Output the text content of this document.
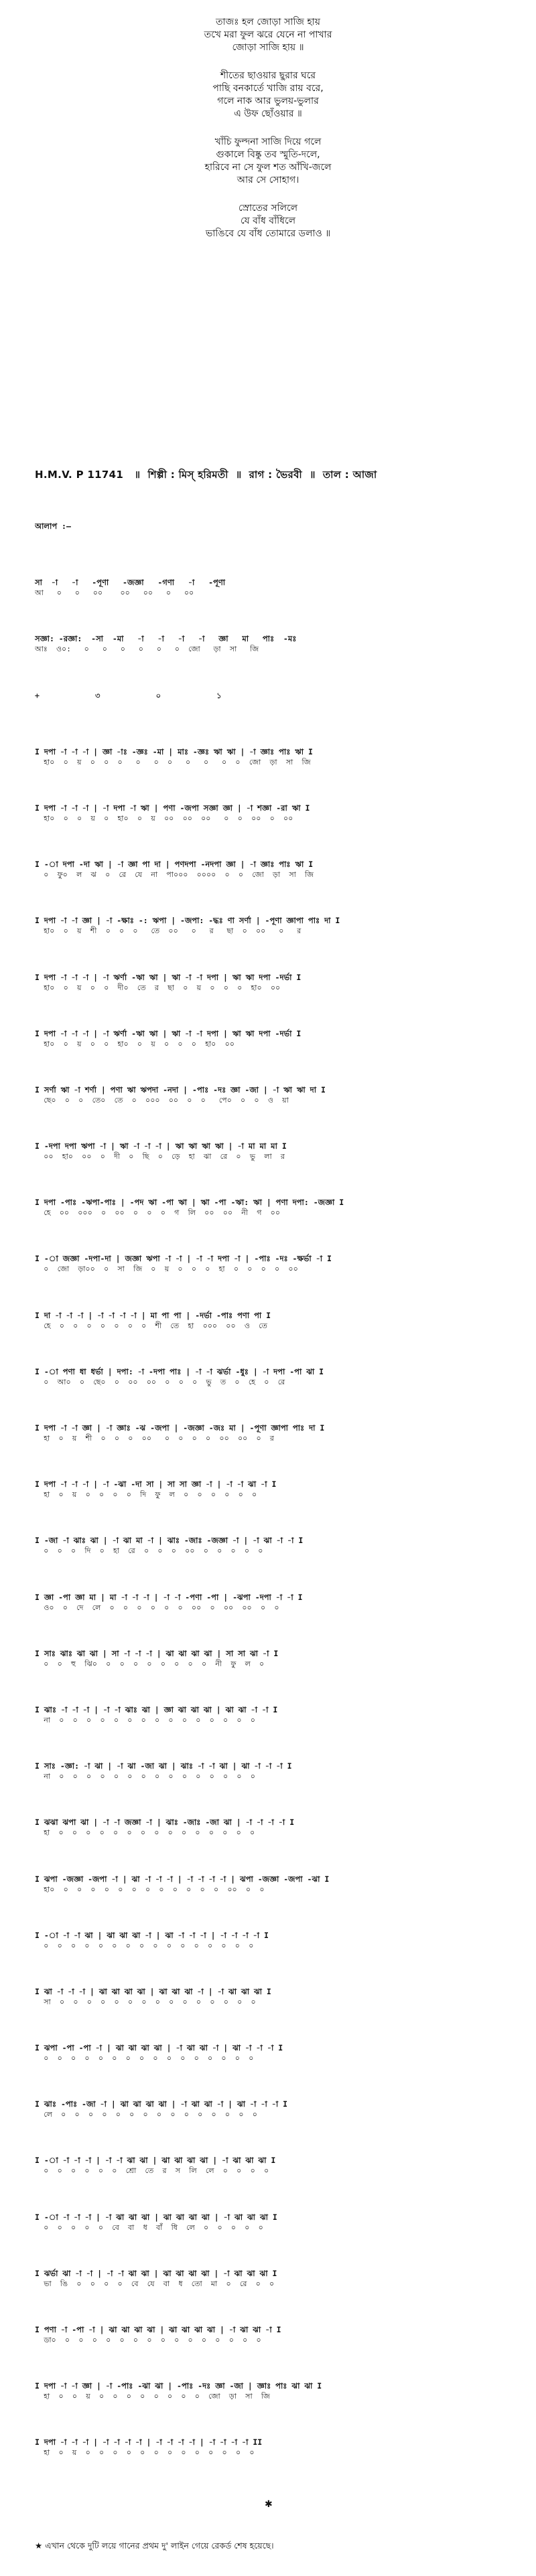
তাজঃ হল জোড়া সাজি হায়
তখে মরা ফুল ঝরে যেনে না পাখার
জোড়া সাজি হায় ॥
শীতের ছাওয়ার ছুরার ঘরে
পাছি বনকার্তে খাজি রায় বরে,
গলে নাক আর ভুলয়-ভুলার
এ উফ ছোঁওয়ার ॥
খাঁচি ফুল্দনা সাজি দিয়ে গলে
গুকালে বিষ্কু তব স্মুতি-দলে,
হারিবে না সে ফুল শত আঁখি-জলে
আর সে সোহাগ।
স্রোতের সলিলে
যে বাঁধ বাঁধিলে
ভাঙিবে যে বাঁধ তোমারে ডলাও ॥
H.M.V. P 11741   ॥  শিল্পী : মিস্ হরিমতী  ॥  রাগ : ভৈরবী  ॥  তাল : আজা
আলাপ :—
সা  -া   -া   -পূণা   -জজ্ঞা   -গণা   -া   -পূণা
আ   ০   ০   ০০    ০০   ০০   ০   ০০
সজ্ঞা: -রজ্ঞা:  -সা  -মা   -া   -া   -া   -া   জ্ঞা   মা   পাঃ  -মঃ
আঃ  ও০:   ০   ০   ০   ০   ০   ০  জো   ড়া  সা   জি
+            ৩            ০            ১
I দপা -া -া -া | জ্ঞা -াঃ -জ্ঞঃ -মা | মাঃ -জ্ঞঃ ঋা ঋা | -া জ্ঞাঃ পাঃ ঋা I
হা০  ০  য়  ০  ০  ০   ০   ০  ০   ০   ০   ০  ০  জো  ড়া  সা  জি
I দপা -া -া -া | -া দপা -া ঋা | পণা -জপা সজ্ঞা জ্ঞা | -া শজ্ঞা -রা ঋা I
হা০  ০  ০  য়  ০  হা০  ০  য়  ০০  ০০  ০০   ০  ০  ০০  ০  ০০
I -া দপা -দা ঋা | -া জ্ঞা পা দা | পণদপা -নদপা জ্ঞা | -া জ্ঞাঃ পাঃ ঋা I
০  ফু০  ল  ঝ  ০  রে  যে  না  পা০০০  ০০০০  ০  ০  জো  ড়া  সা  জি
I দপা -া -া জ্ঞা | -া -ক্ষাঃ -: ঋপা | -জপা: -দ্ধঃ ণা সর্ণা | -পূণা জ্ঞাপা পাঃ দা I
হা০  ০  য়  শী  ০  ০  ০   তে  ০০   ০   র   ছা  ০  ০০   ০   র
I দপা -া -া -া | -া ঋর্ণা -ঋা ঋা | ঋা -া -া দপা | ঋা ঋা দপা -দর্ভা I
হা০  ০  য়  ০  ০  দী০  তে  র  ছা  ০  য়  ০  ০  ০  হা০  ০০
I দপা -া -া -া | -া ঋর্ণা -ঋা ঋা | ঋা -া -া দপা | ঋা ঋা দপা -দর্ভা I
হা০  ০  য়  ০  ০  হা০  ০  য়  ০  ০  ০  হা০  ০০
I সর্ণা ঋা -া শর্ণা | পণা ঋা ঋপদা -নদা | -পাঃ -দঃ জ্ঞা -জা | -া ঋা ঋা দা I
ছে০  ০  ০  তে০  তে  ০  ০০০  ০০  ০  ০   পে০  ০  ০  ও  য়া
I -দপা দপা ঋপা -া | ঋা -া -া -া | ঋা ঋা ঋা ঋা | -া মা মা মা I
০০  হা০  ০০  ০  দী  ০  ছি  ০  ড়ে  হা  ঝা  রে  ০  ভু  লা  র
I দপা -পাঃ -ঋপা-পাঃ | -পদ ঋা -পা ঋা | ঋা -পা -ঋা: ঋা | পণা দপা: -জজ্ঞা I
হে  ০০  ০০০  ০  ০০  ০  ০  ০  গ  লি  ০০  ০০  নী  গ  ০০
I -া জজ্ঞা -দপা-দা | জজ্ঞা ঋপা -া -া | -া -া দপা -া | -পাঃ -দঃ -ক্ষর্ভা -া I
০  জো  ড়া০০  ০  সা  জি  ০  য়  ০  ০  ০  হা  ০  ০  ০  ০  ০০
I দা -া -া -া | -া -া -া -া | মা পা পা | -দর্ভা -পাঃ পণা পা I
হে  ০  ০  ০  ০  ০  ০  ০  শী  তে  হা  ০০০  ০০  ও  তে
I -া পণা ধা ধর্ভা | দপা: -া -দপা পাঃ | -া -া ঝর্ভা -ধুঃ | -া দপা -পা ঝা I
০  আ০  ০  ছে০  ০  ০০  ০০  ০  ০  ০  ভু  ত  ০  হে  ০  রে
I দপা -া -া জ্ঞা | -া জ্ঞাঃ -ঝ -জপা | -জজ্ঞা -জঃ মা | -পূণা জ্ঞাপা পাঃ দা I
হা  ০  য়  শী  ০  ০  ০  ০০   ০  ০  ০  ০  ০০  ০০  ০  র
I দপা -া -া -া | -া -ঝা -দা সা | সা সা জ্ঞা -া | -া -া ঝা -া I
হা  ০  য়  ০  ০  ০  ০  দি  ফু  ল  ০  ০  ০  ০  ০  ০
I -জা -া ঝাঃ ঝা | -া ঝা মা -া | ঝাঃ -জাঃ -জজ্ঞা -া | -া ঝা -া -া I
০  ০  ০  দি  ০  হা  রে  ০  ০  ০  ০০  ০  ০  ০  ০  ০
I জ্ঞা -পা জ্ঞা মা | মা -া -া -া | -া -া -পণা -পা | -ঝপা -দপা -া -া I
ও০  ০  দে  লে  ০  ০  ০  ০  ০  ০  ০০  ০  ০০  ০০  ০  ০
I সাঃ ঝাঃ ঝা ঝা | সা -া -া -া | ঝা ঝা ঝা ঝা | সা সা ঝা -া I
০  ০  হু  ঝি০  ০  ০  ০  ০  ০  ০  ০  ০  নী  ফু  ল  ০
I ঝাঃ -া -া -া | -া -া ঝাঃ ঝা | জ্ঞা ঝা ঝা ঝা | ঝা ঝা -া -া I
না  ০  ০  ০  ০  ০  ০  ০  ০  ০  ০  ০  ০  ০  ০  ০
I সাঃ -জ্ঞা: -া ঝা | -া ঝা -জা ঝা | ঝাঃ -া -া ঝা | ঝা -া -া -া I
না  ০  ০  ০  ০  ০  ০  ০  ০  ০  ০  ০  ০  ০  ০  ০
I ঝঝা ঝপা ঝা | -া -া জজ্ঞা -া | ঝাঃ -জাঃ -জা ঝা | -া -া -া -া I
হা  ০  ০  ০  ০  ০  ০  ০  ০  ০  ০  ০  ০  ০  ০  ০
I ঝপা -জজ্ঞা -জপা -া | ঝা -া -া -া | -া -া -া -া | ঝপা -জজ্ঞা -জপা -ঝা I
হা০  ০  ০  ০  ০  ০  ০  ০  ০  ০  ০  ০  ০  ০০  ০  ০
I -া -া -া ঝা | ঝা ঝা ঝা -া | ঝা -া -া -া | -া -া -া -া I
০  ০  ০  ০  ০  ০  ০  ০  ০  ০  ০  ০  ০  ০  ০  ০
I ঝা -া -া -া | ঝা ঝা ঝা ঝা | ঝা ঝা ঝা -া | -া ঝা ঝা ঝা I
সা  ০  ০  ০  ০  ০  ০  ০  ০  ০  ০  ০  ০  ০  ০  ০
I ঝপা -পা -পা -া | ঝা ঝা ঝা ঝা | -া ঝা ঝা -া | ঝা -া -া -া I
০  ০  ০  ০  ০  ০  ০  ০  ০  ০  ০  ০  ০  ০  ০  ০
I ঝাঃ -পাঃ -জা -া | ঝা ঝা ঝা ঝা | -া ঝা ঝা -া | ঝা -া -া -া I
লে  ০  ০  ০  ০  ০  ০  ০  ০  ০  ০  ০  ০  ০  ০  ০
I -া -া -া -া | -া -া ঝা ঝা | ঝা ঝা ঝা ঝা | -া ঝা ঝা ঝা I
০  ০  ০  ০  ০  ০  শ্রো  তে  র  স  লি  লে  ০  ০  ০  ০
I -া -া -া -া | -া ঝা ঝা ঝা | ঝা ঝা ঝা ঝা | -া ঝা ঝা ঝা I
০  ০  ০  ০  ০  বে  বা  ধ  বাঁ  ধি  লে  ০  ০  ০  ০  ০
I ঝর্ভা ঝা -া -া | -া -া ঝা ঝা | ঝা ঝা ঝা ঝা | -া ঝা ঝা ঝা I
ভা  ঙি  ০  ০  ০  ০  বে  যে  বা  ধ  তো  মা  ০  রে  ০  ০
I পণা -া -পা -া | ঝা ঝা ঝা ঝা | ঝা ঝা ঝা ঝা | -া ঝা ঝা -া I
ডা০  ০  ০  ০  ০  ০  ০  ০  ০  ০  ০  ০  ০  ০  ০  ০
I দপা -া -া জ্ঞা | -া -পাঃ -ঝা ঝা | -পাঃ -দঃ জ্ঞা -জা | জ্ঞাঃ পাঃ ঝা ঝা I
হা  ০  ০  য়  ০  ০  ০  ০  ০  ০  ০  ০  জো  ড়া  সা  জি
I দপা -া -া -া | -া -া -া -া | -া -া -া -া | -া -া -া -া II
হা  ০  য়  ০  ০  ০  ০  ০  ০  ০  ০  ০  ০  ০  ০  ০
✱
★ এখান থেকে দুটি লয়ে গানের প্রথম দু' লাইন গেয়ে রেকর্ড শেষ হয়েছে।
